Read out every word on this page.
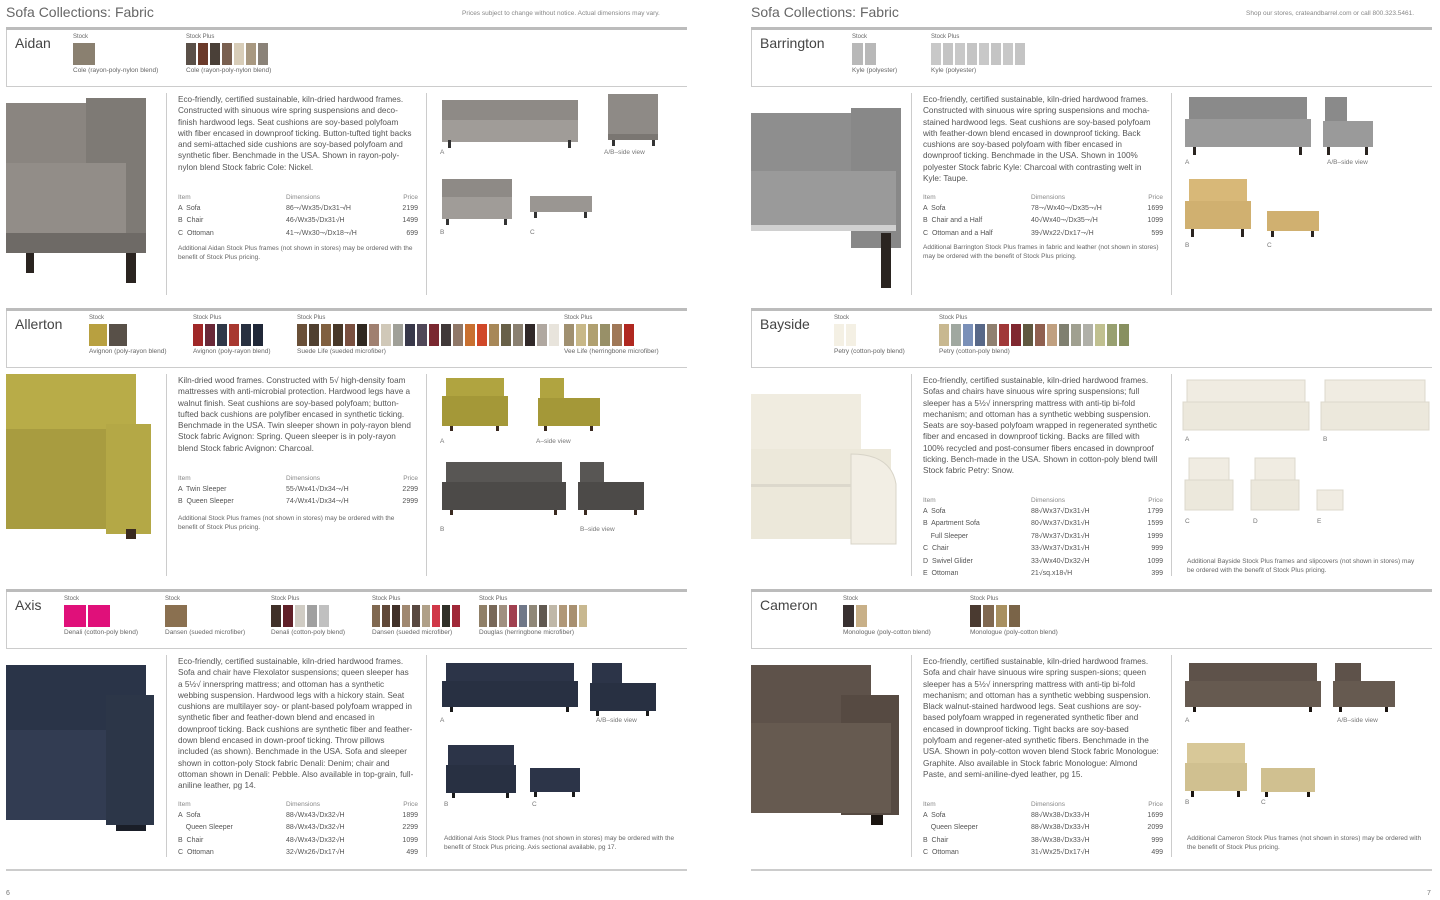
Sofa Collections: Fabric	Prices subject to change without notice. Actual dimensions may vary.
Aidan	Stock
Cole (rayon-poly-nylon blend)
Stock Plus
Cole (rayon-poly-nylon blend)
Eco-friendly, certified sustainable, kiln-dried hardwood frames. Constructed with sinuous wire spring suspensions and deco-finish hardwood legs. Seat cushions are soy-based polyfoam with fiber encased in downproof ticking. Button-tufted tight backs and semi-attached side cushions are soy-based polyfoam and synthetic fiber. Benchmade in the USA. Shown in rayon-poly-nylon blend Stock fabric Cole: Nickel.
Item	Dimensions	Price
A  Sofa	86¬√Wx35√Dx31¬/H	2199
B  Chair	46√Wx35√Dx31√H	1499
C  Ottoman	41¬√Wx30¬√Dx18¬√H	699
Additional Aidan Stock Plus frames (not shown in stores) may be ordered with the benefit of Stock Plus pricing.
A	A/B–side view
B	C
Allerton	Stock
Avignon (poly-rayon blend)
Stock Plus
Avignon (poly-rayon blend)
Stock Plus
Suede Life (sueded microfiber)
Stock Plus
Vee Life (herringbone microfiber)
Kiln-dried wood frames. Constructed with 5√ high-density foam mattresses with anti-microbial protection. Hardwood legs have a walnut finish. Seat cushions are soy-based polyfoam; button-tufted back cushions are polyfiber encased in synthetic ticking. Benchmade in the USA. Twin sleeper shown in poly-rayon blend Stock fabric Avignon: Spring. Queen sleeper is in poly-rayon blend Stock fabric Avignon: Charcoal.
Item	Dimensions	Price
A  Twin Sleeper	55√Wx41√Dx34¬√H	2299
B  Queen Sleeper	74√Wx41√Dx34¬√H	2999
Additional Stock Plus frames (not shown in stores) may be ordered with the benefit of Stock Plus pricing.
A	A–side view
B	B–side view
Axis	Stock
Denali (cotton-poly blend)
Stock
Dansen (sueded microfiber)
Stock Plus
Denali (cotton-poly blend)
Stock Plus
Dansen (sueded microfiber)
Stock Plus
Douglas (herringbone microfiber)
Eco-friendly, certified sustainable, kiln-dried hardwood frames. Sofa and chair have Flexolator suspensions; queen sleeper has a 5½√ innerspring mattress; and ottoman has a synthetic webbing suspension. Hardwood legs with a hickory stain. Seat cushions are multilayer soy- or plant-based polyfoam wrapped in synthetic fiber and feather-down blend and encased in downproof ticking. Back cushions are synthetic fiber and feather-down blend encased in down-proof ticking. Throw pillows included (as shown). Benchmade in the USA. Sofa and sleeper shown in cotton-poly Stock fabric Denali: Denim; chair and ottoman shown in Denali: Pebble. Also available in top-grain, full-aniline leather, pg 14.
Item	Dimensions	Price
A  Sofa	88√Wx43√Dx32√H	1899
Queen Sleeper	88√Wx43√Dx32√H	2299
B  Chair	48√Wx43√Dx32√H	1099
C  Ottoman	32√Wx26√Dx17√H	499
A	A/B–side view
B	C
Additional Axis Stock Plus frames (not shown in stores) may be ordered with the benefit of Stock Plus pricing. Axis sectional available, pg 17.
6
Sofa Collections: Fabric	Shop our stores, crateandbarrel.com or call 800.323.5461.
Barrington	Stock
Kyle (polyester)
Stock Plus
Kyle (polyester)
Eco-friendly, certified sustainable, kiln-dried hardwood frames. Constructed with sinuous wire spring suspensions and mocha-stained hardwood legs. Seat cushions are soy-based polyfoam with feather-down blend encased in downproof ticking. Back cushions are soy-based polyfoam with fiber encased in downproof ticking. Benchmade in the USA. Shown in 100% polyester Stock fabric Kyle: Charcoal with contrasting welt in Kyle: Taupe.
Item	Dimensions	Price
A  Sofa	78¬√Wx40¬√Dx35¬√H	1699
B  Chair and a Half	40√Wx40¬√Dx35¬√H	1099
C  Ottoman and a Half	39√Wx22√Dx17¬√H	599
Additional Barrington Stock Plus frames in fabric and leather (not shown in stores) may be ordered with the benefit of Stock Plus pricing.
A	A/B–side view
B	C
Bayside	Stock
Petry (cotton-poly blend)
Stock Plus
Petry (cotton-poly blend)
Eco-friendly, certified sustainable, kiln-dried hardwood frames. Sofas and chairs have sinuous wire spring suspensions; full sleeper has a 5½√ innerspring mattress with anti-tip bi-fold mechanism; and ottoman has a synthetic webbing suspension. Seats are soy-based polyfoam wrapped in regenerated synthetic fiber and encased in downproof ticking. Backs are filled with 100% recycled and post-consumer fibers encased in downproof ticking. Bench-made in the USA. Shown in cotton-poly blend twill Stock fabric Petry: Snow.
Item	Dimensions	Price
A  Sofa	88√Wx37√Dx31√H	1799
B  Apartment Sofa	80√Wx37√Dx31√H	1599
Full Sleeper	78√Wx37√Dx31√H	1999
C  Chair	33√Wx37√Dx31√H	999
D  Swivel Glider	33√Wx40√Dx32√H	1099
E  Ottoman	21√sq.x18√H	399
A	B
C	D	E
Additional Bayside Stock Plus frames and slipcovers (not shown in stores) may be ordered with the benefit of Stock Plus pricing.
Cameron	Stock
Monologue (poly-cotton blend)
Stock Plus
Monologue (poly-cotton blend)
Eco-friendly, certified sustainable, kiln-dried hardwood frames. Sofa and chair have sinuous wire spring suspen-sions; queen sleeper has a 5½√ innerspring mattress with anti-tip bi-fold mechanism; and ottoman has a synthetic webbing suspension. Black walnut-stained hardwood legs. Seat cushions are soy-based polyfoam wrapped in regenerated synthetic fiber and encased in downproof ticking. Tight backs are soy-based polyfoam and regener-ated synthetic fibers. Benchmade in the USA. Shown in poly-cotton woven blend Stock fabric Monologue: Graphite. Also available in Stock fabric Monologue: Almond Paste, and semi-aniline-dyed leather, pg 15.
Item	Dimensions	Price
A  Sofa	88√Wx38√Dx33√H	1699
Queen Sleeper	88√Wx38√Dx33√H	2099
B  Chair	38√Wx38√Dx33√H	999
C  Ottoman	31√Wx25√Dx17√H	499
A	A/B–side view
B	C
Additional Cameron Stock Plus frames (not shown in stores) may be ordered with the benefit of Stock Plus pricing.
7
